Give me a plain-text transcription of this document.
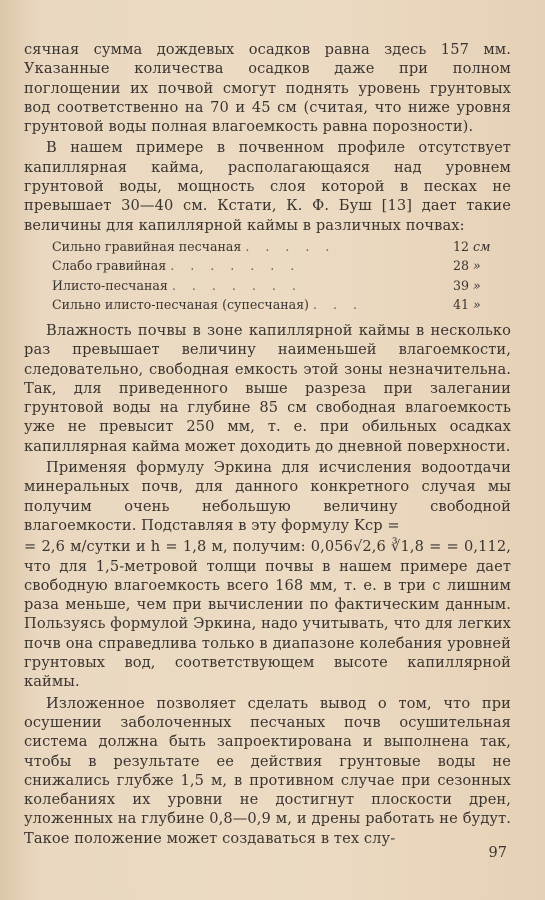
сячная сумма дождевых осадков равна здесь 157 мм. Указанные количества осадков даже при полном поглощении их почвой смогут поднять уровень грунтовых вод соответственно на 70 и 45 см (считая, что ниже уровня грунтовой воды полная влагоемкость равна порозности).

В нашем примере в почвенном профиле отсутствует капиллярная кайма, располагающаяся над уровнем грунтовой воды, мощность слоя которой в песках не превышает 30—40 см. Кстати, К. Ф. Буш [13] дает такие величины для капиллярной каймы в различных почвах:

Сильно гравийная песчаная . . . . .	12 см
Слабо гравийная . . . . . . .	28 »
Илисто-песчаная . . . . . . .	39 »
Сильно илисто-песчаная (супесчаная) . . .	41 »

Влажность почвы в зоне капиллярной каймы в несколько раз превышает величину наименьшей влагоемкости, следовательно, свободная емкость этой зоны незначительна. Так, для приведенного выше разреза при залегании грунтовой воды на глубине 85 см свободная влагоемкость уже не превысит 250 мм, т. е. при обильных осадках капиллярная кайма может доходить до дневной поверхности.

Применяя формулу Эркина для исчисления водоотдачи минеральных почв, для данного конкретного случая мы получим очень небольшую величину свободной влагоемкости. Подставляя в эту формулу Kср =

= 2,6 м/сутки и h = 1,8 м, получим: 0,056√2,6 ∛1,8 = = 0,112, что для 1,5-метровой толщи почвы в нашем примере дает свободную влагоемкость всего 168 мм, т. е. в три с лишним раза меньше, чем при вычислении по фактическим данным. Пользуясь формулой Эркина, надо учитывать, что для легких почв она справедлива только в диапазоне колебания уровней грунтовых вод, соответствующем высоте капиллярной каймы.

Изложенное позволяет сделать вывод о том, что при осушении заболоченных песчаных почв осушительная система должна быть запроектирована и выполнена так, чтобы в результате ее действия грунтовые воды не снижались глубже 1,5 м, в противном случае при сезонных колебаниях их уровни не достигнут плоскости дрен, уложенных на глубине 0,8—0,9 м, и дрены работать не будут. Такое положение может создаваться в тех слу-

97
